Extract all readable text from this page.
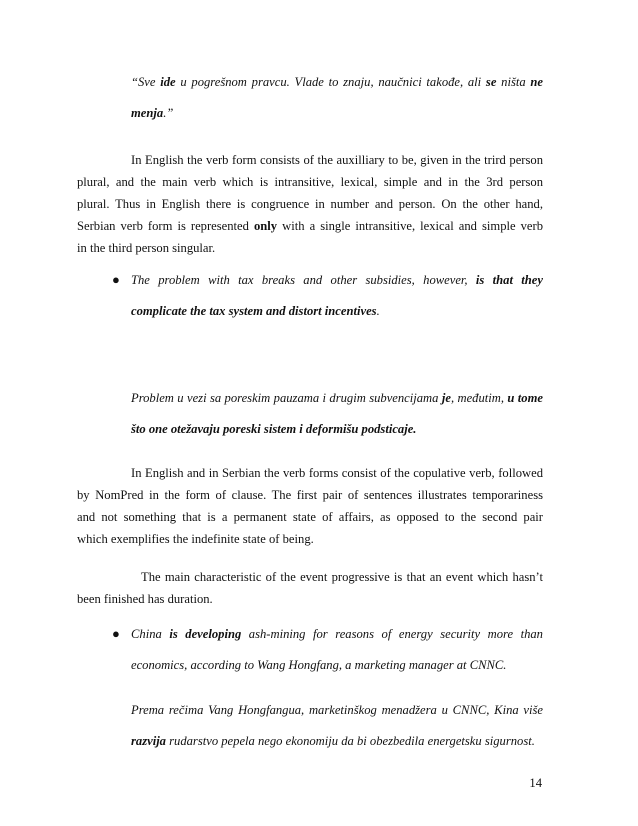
“Sve ide u pogrešnom pravcu. Vlade to znaju, naučnici takođe, ali se ništa ne
menja.”
In English the verb form consists of the auxilliary to be, given in the trird person
plural, and the main verb which is intransitive, lexical, simple and in the 3rd person
plural. Thus in English there is congruence in number and person. On the other hand,
Serbian verb form is represented only with a single intransitive, lexical and simple verb
in the third person singular.
● The problem with tax breaks and other subsidies, however, is that they
complicate the tax system and distort incentives.
Problem u vezi sa poreskim pauzama i drugim subvencijama je, međutim, u tome
što one otežavaju poreski sistem i deformišu podsticaje.
In English and in Serbian the verb forms consist of the copulative verb, followed
by NomPred in the form of clause. The first pair of sentences illustrates temporariness
and not something that is a permanent state of affairs, as opposed to the second pair
which exemplifies the indefinite state of being.
The main characteristic of the event progressive is that an event which hasn’t
been finished has duration.
● China is developing ash-mining for reasons of energy security more than
economics, according to Wang Hongfang, a marketing manager at CNNC.
Prema rečima Vang Hongfangua, marketinškog menadžera u CNNC, Kina više
razvija rudarstvo pepela nego ekonomiju da bi obezbedila energetsku sigurnost.
14
